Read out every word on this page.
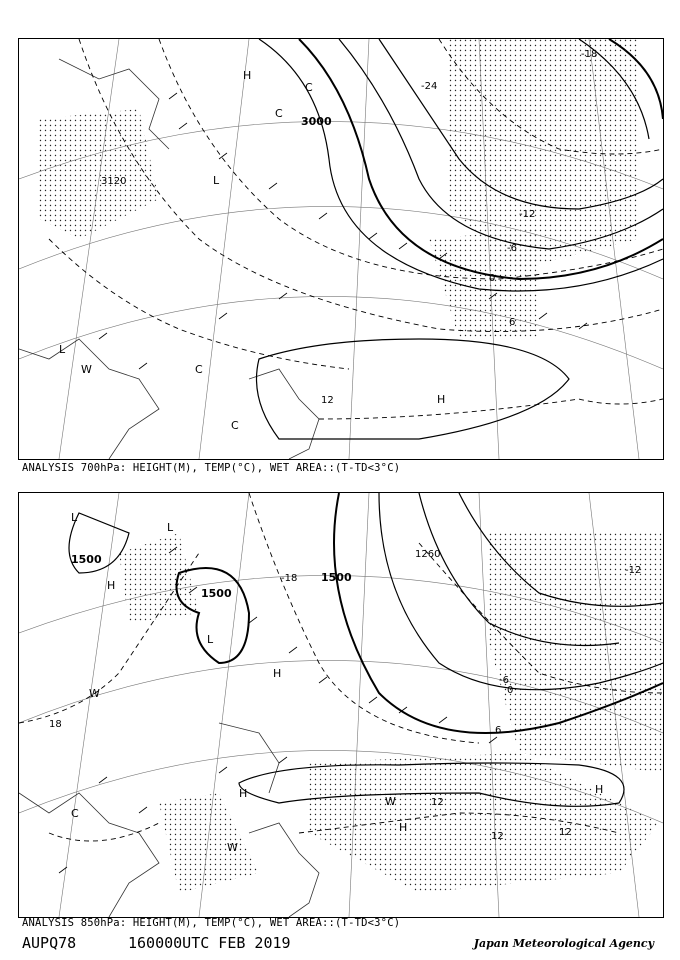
3000
3120
-18
-12
-6
0
6
12
-24
H
L
H
L
C
C
W	C
C
ANALYSIS 700hPa: HEIGHT(M), TEMP(°C), WET AREA::(T-TD<3°C)
1500
1500
1500
1260
-18
-12
-6
0
6
12
18
12	12
L
L
L
H
H
H
H
H
W
W
C
W
ANALYSIS 850hPa: HEIGHT(M), TEMP(°C), WET AREA::(T-TD<3°C)
AUPQ78	160000UTC FEB 2019	Japan Meteorological Agency
